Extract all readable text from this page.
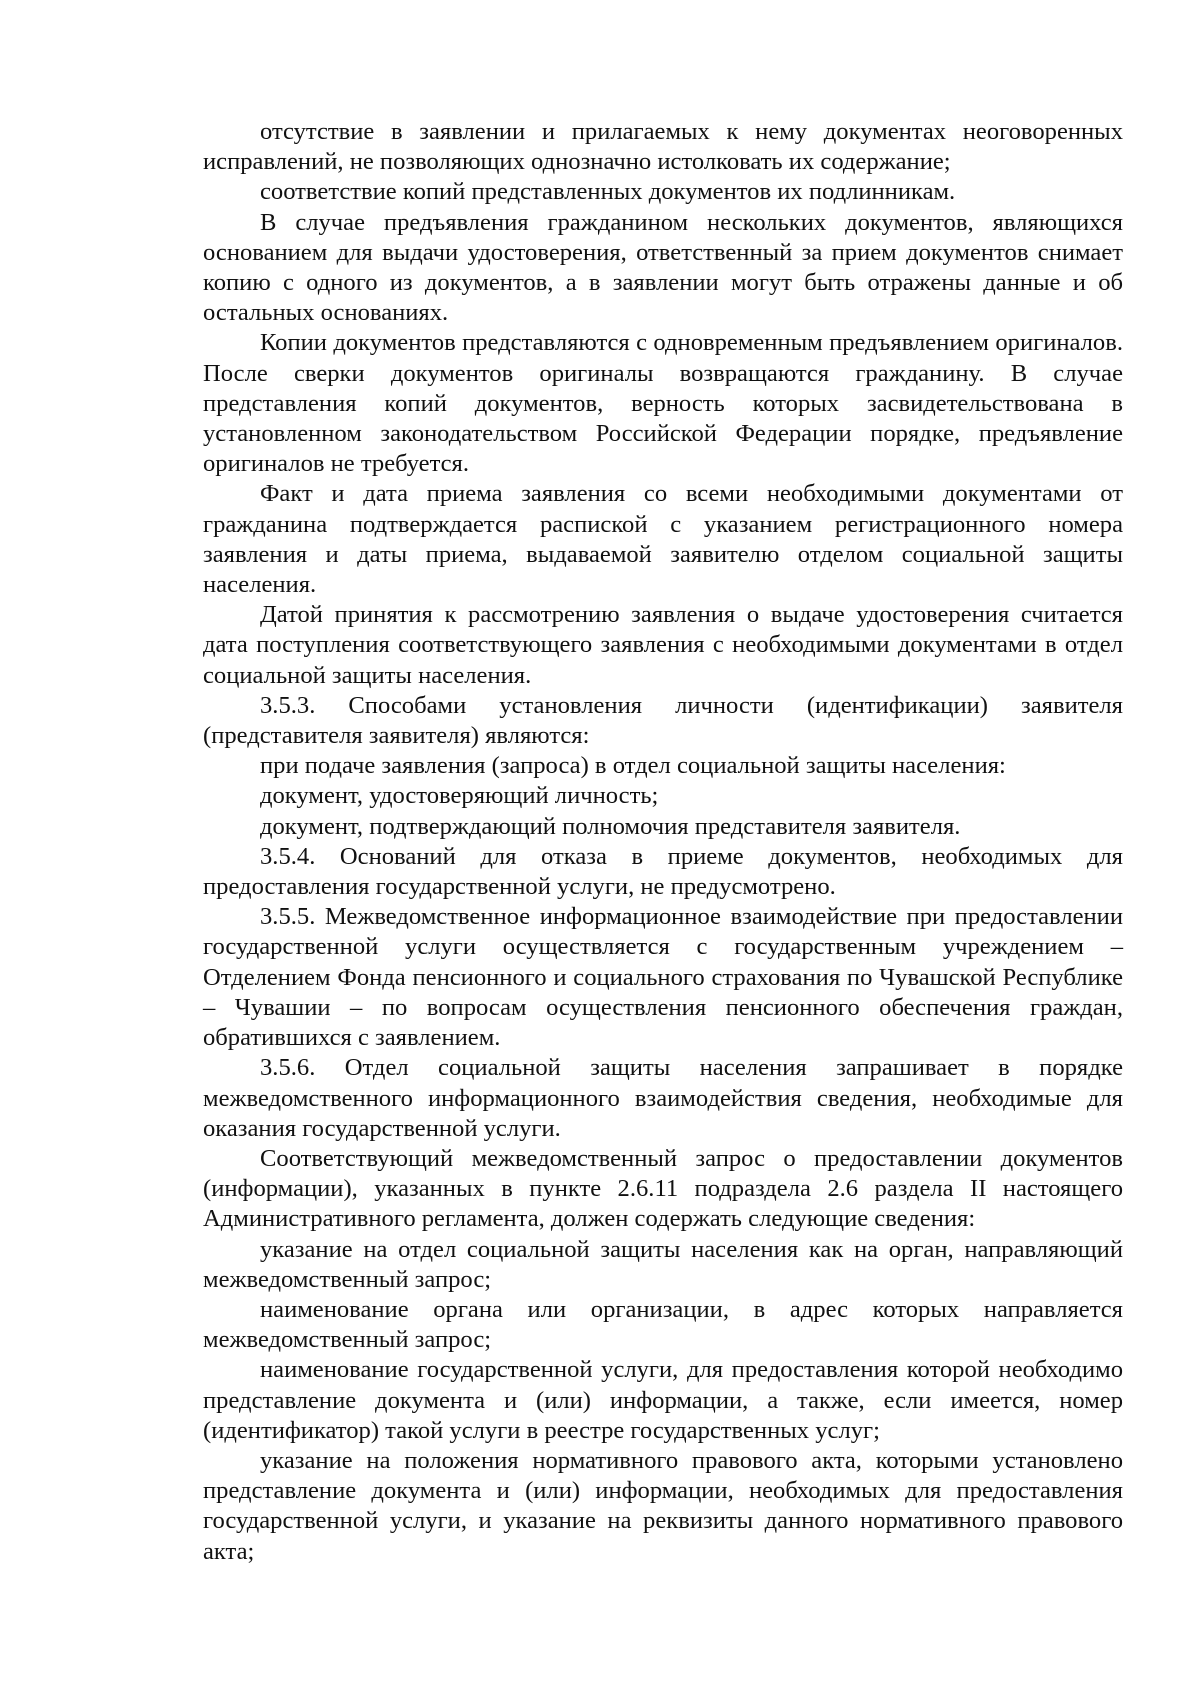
отсутствие в заявлении и прилагаемых к нему документах неоговоренных исправлений, не позволяющих однозначно истолковать их содержание;

соответствие копий представленных документов их подлинникам.

В случае предъявления гражданином нескольких документов, являющихся основанием для выдачи удостоверения, ответственный за прием документов снимает копию с одного из документов, а в заявлении могут быть отражены данные и об остальных основаниях.

Копии документов представляются с одновременным предъявлением оригиналов. После сверки документов оригиналы возвращаются гражданину. В случае представления копий документов, верность которых засвидетельствована в установленном законодательством Российской Федерации порядке, предъявление оригиналов не требуется.

Факт и дата приема заявления со всеми необходимыми документами от гражданина подтверждается распиской с указанием регистрационного номера заявления и даты приема, выдаваемой заявителю отделом социальной защиты населения.

Датой принятия к рассмотрению заявления о выдаче удостоверения считается дата поступления соответствующего заявления с необходимыми документами в отдел социальной защиты населения.

3.5.3. Способами установления личности (идентификации) заявителя (представителя заявителя) являются:

при подаче заявления (запроса) в отдел социальной защиты населения:

документ, удостоверяющий личность;

документ, подтверждающий полномочия представителя заявителя.

3.5.4. Оснований для отказа в приеме документов, необходимых для предоставления государственной услуги, не предусмотрено.

3.5.5. Межведомственное информационное взаимодействие при предоставлении государственной услуги осуществляется с государственным учреждением – Отделением Фонда пенсионного и социального страхования по Чувашской Республике – Чувашии – по вопросам осуществления пенсионного обеспечения граждан, обратившихся с заявлением.

3.5.6. Отдел социальной защиты населения запрашивает в порядке межведомственного информационного взаимодействия сведения, необходимые для оказания государственной услуги.

Соответствующий межведомственный запрос о предоставлении документов (информации), указанных в пункте 2.6.11 подраздела 2.6 раздела II настоящего Административного регламента, должен содержать следующие сведения:

указание на отдел социальной защиты населения как на орган, направляющий межведомственный запрос;

наименование органа или организации, в адрес которых направляется межведомственный запрос;

наименование государственной услуги, для предоставления которой необходимо представление документа и (или) информации, а также, если имеется, номер (идентификатор) такой услуги в реестре государственных услуг;

указание на положения нормативного правового акта, которыми установлено представление документа и (или) информации, необходимых для предоставления государственной услуги, и указание на реквизиты данного нормативного правового акта;
